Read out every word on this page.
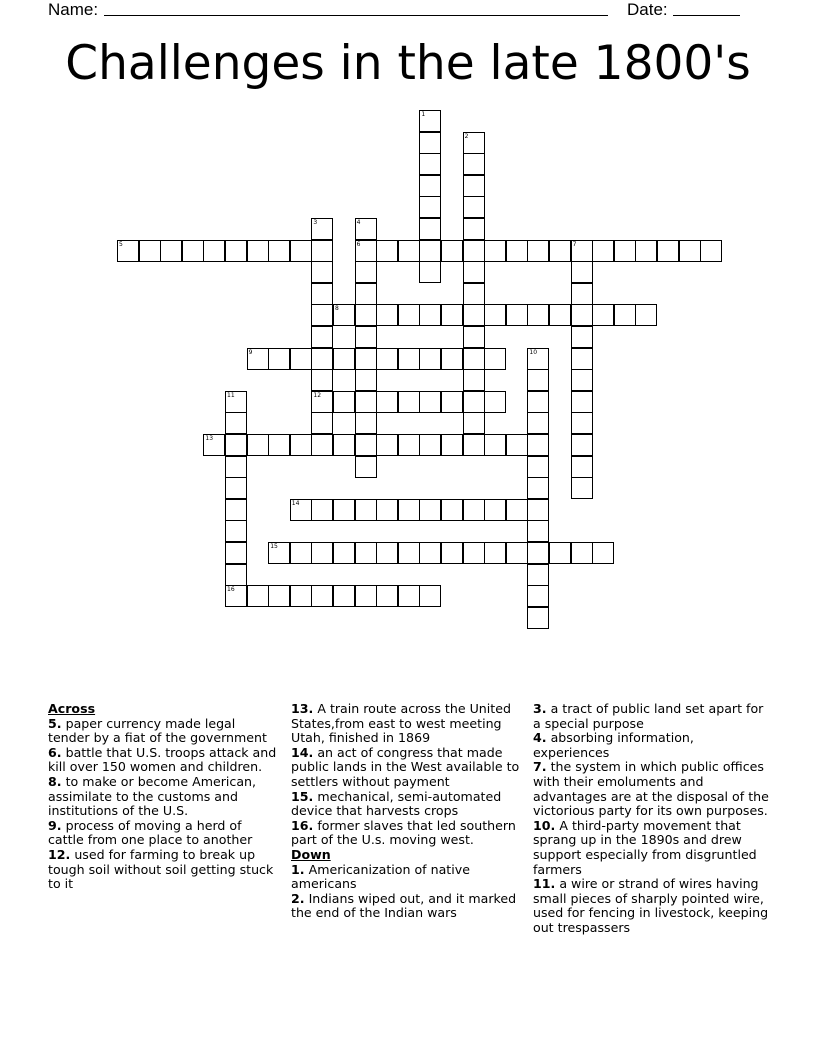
Name:	Date:
Challenges in the late 1800's
1
2
3
12
4
6
5	7
8
9	10
11
16
13
14
15
Across
5. paper currency made legal tender by a fiat of the government
6. battle that U.S. troops attack and kill over 150 women and children.
8. to make or become American, assimilate to the customs and institutions of the U.S.
9. process of moving a herd of cattle from one place to another
12. used for farming to break up tough soil without soil getting stuck to it
13. A train route across the United States,from east to west meeting Utah, finished in 1869
14. an act of congress that made public lands in the West available to settlers without payment
15. mechanical, semi-automated device that harvests crops
16. former slaves that led southern part of the U.s. moving west.
Down
1. Americanization of native americans
2. Indians wiped out, and it marked the end of the Indian wars
3. a tract of public land set apart for a special purpose
4. absorbing information, experiences
7. the system in which public offices with their emoluments and advantages are at the disposal of the victorious party for its own purposes.
10. A third-party movement that sprang up in the 1890s and drew support especially from disgruntled farmers
11. a wire or strand of wires having small pieces of sharply pointed wire, used for fencing in livestock, keeping out trespassers
